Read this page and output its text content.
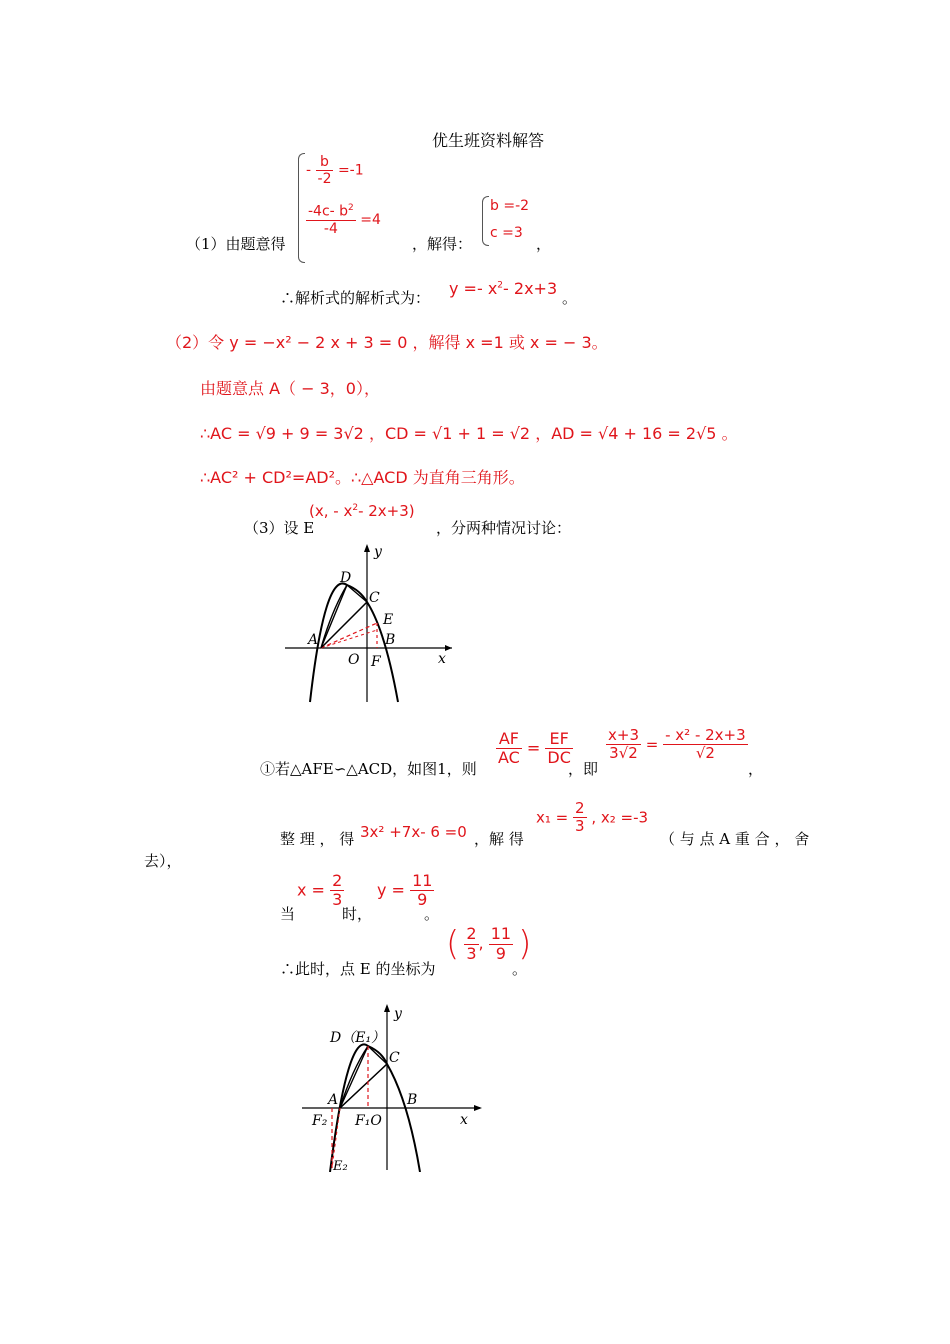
优生班资料解答
- $\frac{b}{-2} =-1$
$\frac{-4c- b^2}{-4} =4$
（1）由题意得	，解得：
b =-2
c =3
，
∴解析式的解析式为： $y =- x^2-$ 2x+3 。
（2）令 y = −x² − 2 x + 3 = 0 ，解得 x =1 或 x = − 3。
由题意点 A（ − 3，0），
∴AC = √9 + 9 = 3√2 ，CD = √1 + 1 = √2 ，AD = √4 + 16 = 2√5 。
∴AC² + CD²=AD²。∴△ACD 为直角三角形。
（3）设 E
(x, - $x^2-$ 2x+3)
，分两种情况讨论：
D
C
E
A	B
O F	x
y
①若△AFE∽△ACD，如图1，则
$\frac{AF}{AC} = \frac{EF}{DC}$
，即
$\frac{x+3}{3√2} = \frac{\text{- x² - 2x+3}}{√2}$
，
整 理 ， 得 3x² +7x- 6 =0 ，解 得
$x_1 = \frac{2}{3}$ , x₂ =-3
（ 与 点 A 重 合 ， 舍
去），
当
$x = \frac{2}{3}$
时，
$y = \frac{11}{9}$
。
∴此时，点 E 的坐标为
( $\frac{2}{3}$ , $\frac{11}{9}$ )
。
D（E₁）
C
A	B
F₂ F₁O	x
y
E₂
